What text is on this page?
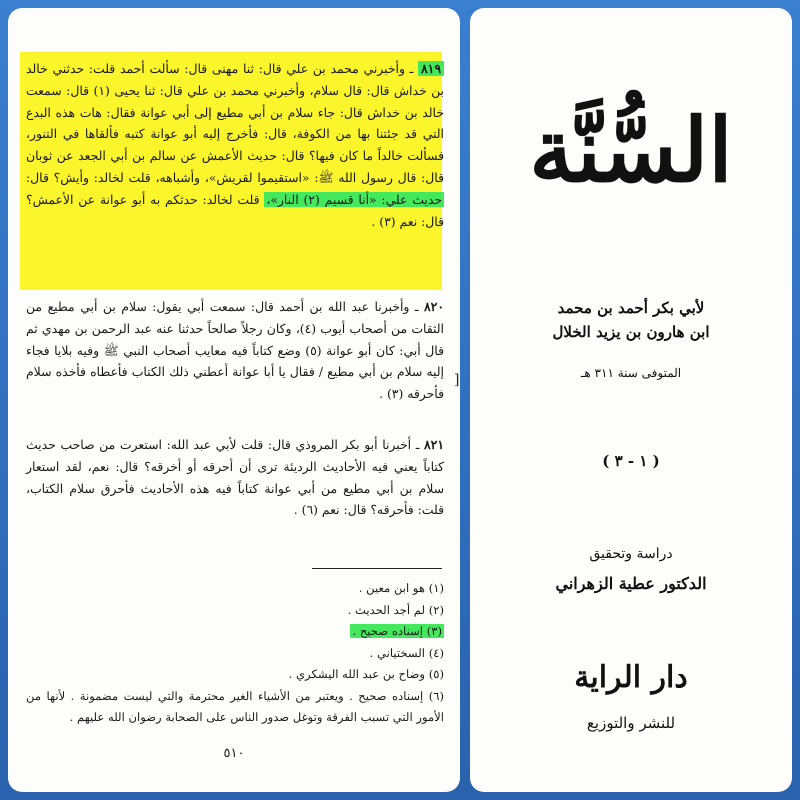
٨١٩ ـ وأخبرني محمد بن علي قال: ثنا مهنى قال: سألت أحمد قلت: حدثني خالد بن خداش قال: قال سلام، وأخبرني محمد بن علي قال: ثنا يحيى (١) قال: سمعت خالد بن خداش قال: جاء سلام بن أبي مطيع إلى أبي عوانة فقال: هات هذه البدع التي قد جئتنا بها من الكوفة، قال: فأخرج إليه أبو عوانة كتبه فألقاها في التنور، فسألت خالداً ما كان فيها؟ قال: حديث الأعمش عن سالم بن أبي الجعد عن ثوبان قال: قال رسول الله ﷺ: «استقيموا لقريش»، وأشباهه، قلت لخالد: وأيش؟ قال: حديث علي: «أنا قسيم (٢) النار»، قلت لخالد: حدثكم به أبو عوانة عن الأعمش؟ قال: نعم (٣) .
٨٢٠ ـ وأخبرنا عبد الله بن أحمد قال: سمعت أبي يقول: سلام بن أبي مطيع من الثقات من أصحاب أيوب (٤)، وكان رجلاً صالحاً حدثنا عنه عبد الرحمن بن مهدي ثم قال أبي: كان أبو عوانة (٥) وضع كتاباً فيه معايب أصحاب النبي ﷺ وفيه بلايا فجاء إليه سلام بن أبي مطيع / فقال يا أبا عوانة أعطني ذلك الكتاب فأعطاه فأخذه سلام فأحرقه (٣) .
]
٨٢١ ـ أخبرنا أبو بكر المروذي قال: قلت لأبي عبد الله: استعرت من صاحب حديث كتاباً يعني فيه الأحاديث الرديئة ترى أن أحرقه أو أخرقه؟ قال: نعم، لقد استعار سلام بن أبي مطيع من أبي عوانة كتاباً فيه هذه الأحاديث فأحرق سلام الكتاب، قلت: فأحرقه؟ قال: نعم (٦) .

(١) هو ابن معين .

(٢) لم أجد الحديث .

(٣) إسناده صحيح .

(٤) السختياني .

(٥) وضاح بن عبد الله اليشكري .

(٦) إسناده صحيح . ويعتبر من الأشياء الغير محترمة والتي ليست مضمونة . لأنها من الأمور التي تسبب الفرقة وتوغل صدور الناس على الصحابة رضوان الله عليهم .

٥١٠
السُّنَّة
لأبي بكر أحمد بن محمد
ابن هارون بن يزيد الخلال
المتوفى سنة ٣١١ هـ
( ١ - ٣ )
دراسة وتحقيق
الدكتور عطية الزهراني
دار الراية
للنشر والتوزيع
